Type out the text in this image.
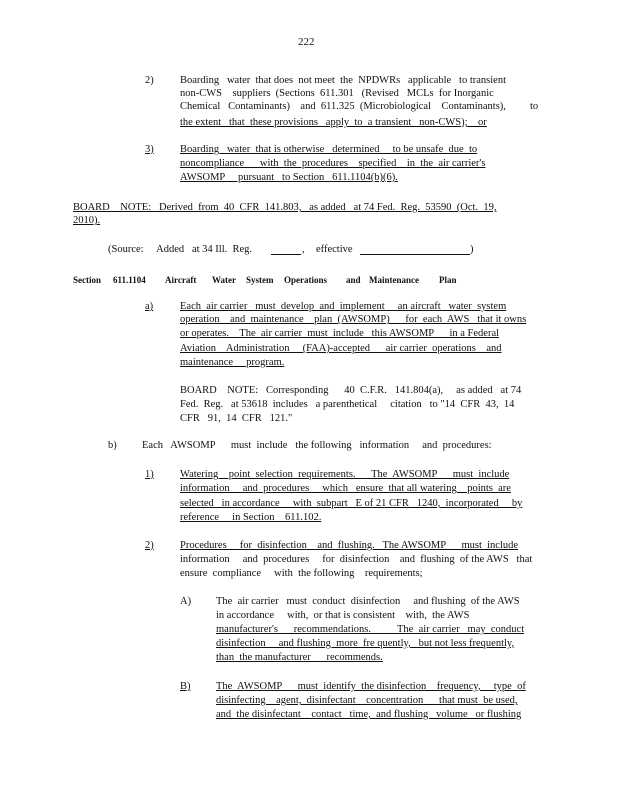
222
2)	Boarding   water  that does  not meet  the  NPDWRs   applicable   to transient
non-CWS    suppliers  (Sections  611.301   (Revised   MCLs  for Inorganic
Chemical   Contaminants)    and  611.325  (Microbiological    Contaminants), to
the extent   that  these provisions   apply  to  a transient   non-CWS);    or
3)	Boarding   water  that is otherwise   determined     to be unsafe  due  to
noncompliance      with  the  procedures    specified    in  the  air carrier's
AWSOMP     pursuant   to Section   611.1104(b)(6).
BOARD    NOTE:   Derived  from  40  CFR  141.803,   as added   at 74 Fed.  Reg.  53590  (Oct.  19,
2010).
(Source:     Added   at 34 Ill.  Reg.	, effective	)
Section 611.1104 Aircraft Water System Operations and Maintenance Plan
a)	Each  air carrier   must  develop  and  implement     an aircraft   water  system
operation    and  maintenance    plan  (AWSOMP)      for  each  AWS   that it owns
or operates.    The  air carrier  must  include   this AWSOMP      in a Federal
Aviation    Administration     (FAA)-accepted      air carrier  operations    and
maintenance     program.
BOARD    NOTE:   Corresponding      40  C.F.R.   141.804(a),     as added   at 74
Fed.  Reg.   at 53618  includes   a parenthetical     citation   to "14  CFR  43,  14
CFR   91,  14  CFR   121."
b) Each   AWSOMP      must  include   the following   information     and  procedures:
1)	Watering    point  selection  requirements.      The  AWSOMP      must  include
information     and  procedures     which   ensure  that all watering    points  are
selected   in accordance     with  subpart   E of 21 CFR   1240,  incorporated     by
reference     in Section    611.102.
2)	Procedures     for  disinfection    and  flushing.   The AWSOMP      must  include
information     and  procedures     for  disinfection    and  flushing  of the AWS   that
ensure  compliance     with  the following    requirements;
A) The  air carrier   must  conduct  disinfection     and flushing  of the AWS
in accordance     with,  or that is consistent    with,  the AWS
manufacturer's      recommendations.          The  air carrier   may  conduct
disinfection     and flushing  more  fre quently,   but not less frequently,
than  the manufacturer      recommends.
B) The  AWSOMP      must  identify  the disinfection    frequency,     type  of
disinfecting    agent,  disinfectant    concentration      that must  be used,
and  the disinfectant    contact   time,  and flushing   volume   or flushing
